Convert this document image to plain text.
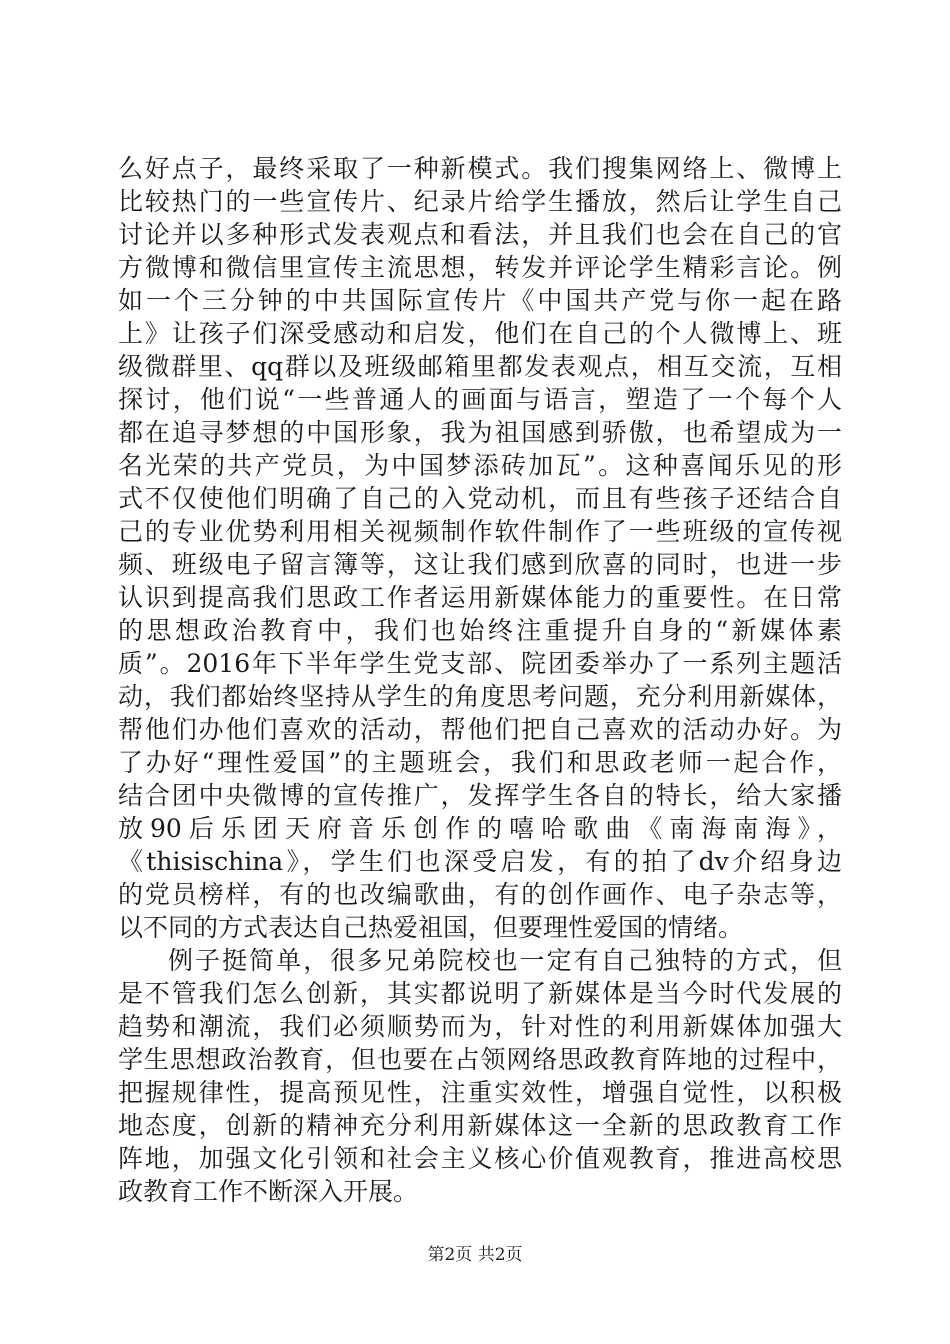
么好点子，最终采取了一种新模式。我们搜集网络上、微博上
比较热门的一些宣传片、纪录片给学生播放，然后让学生自己
讨论并以多种形式发表观点和看法，并且我们也会在自己的官
方微博和微信里宣传主流思想，转发并评论学生精彩言论。例
如一个三分钟的中共国际宣传片《中国共产党与你一起在路
上》让孩子们深受感动和启发，他们在自己的个人微博上、班
级微群里、qq群以及班级邮箱里都发表观点，相互交流，互相
探讨，他们说“一些普通人的画面与语言，塑造了一个每个人
都在追寻梦想的中国形象，我为祖国感到骄傲，也希望成为一
名光荣的共产党员，为中国梦添砖加瓦”。这种喜闻乐见的形
式不仅使他们明确了自己的入党动机，而且有些孩子还结合自
己的专业优势利用相关视频制作软件制作了一些班级的宣传视
频、班级电子留言簿等，这让我们感到欣喜的同时，也进一步
认识到提高我们思政工作者运用新媒体能力的重要性。在日常
的思想政治教育中，我们也始终注重提升自身的“新媒体素
质”。2016年下半年学生党支部、院团委举办了一系列主题活
动，我们都始终坚持从学生的角度思考问题，充分利用新媒体，
帮他们办他们喜欢的活动，帮他们把自己喜欢的活动办好。为
了办好“理性爱国”的主题班会，我们和思政老师一起合作，
结合团中央微博的宣传推广，发挥学生各自的特长，给大家播
放90后乐团天府音乐创作的嘻哈歌曲《南海南海》，
《thisischina》，学生们也深受启发，有的拍了dv介绍身边
的党员榜样，有的也改编歌曲，有的创作画作、电子杂志等，
以不同的方式表达自己热爱祖国，但要理性爱国的情绪。
例子挺简单，很多兄弟院校也一定有自己独特的方式，但
是不管我们怎么创新，其实都说明了新媒体是当今时代发展的
趋势和潮流，我们必须顺势而为，针对性的利用新媒体加强大
学生思想政治教育，但也要在占领网络思政教育阵地的过程中，
把握规律性，提高预见性，注重实效性，增强自觉性，以积极
地态度，创新的精神充分利用新媒体这一全新的思政教育工作
阵地，加强文化引领和社会主义核心价值观教育，推进高校思
政教育工作不断深入开展。
第2页 共2页
